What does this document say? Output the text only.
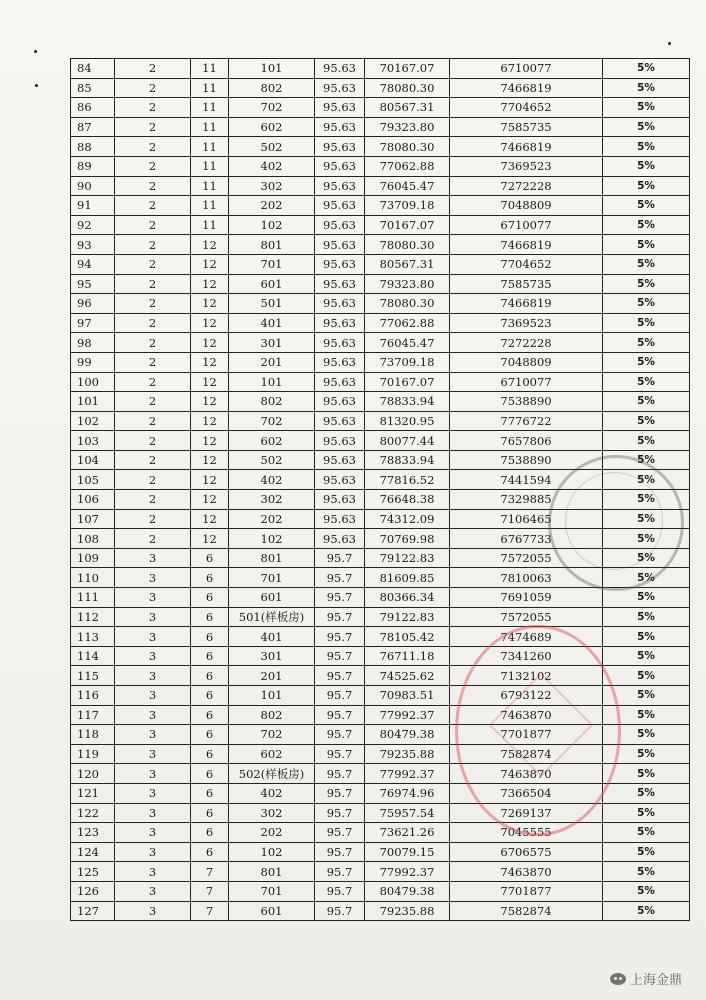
84	2	11	101	95.63	70167.07	6710077	5%
85	2	11	802	95.63	78080.30	7466819	5%
86	2	11	702	95.63	80567.31	7704652	5%
87	2	11	602	95.63	79323.80	7585735	5%
88	2	11	502	95.63	78080.30	7466819	5%
89	2	11	402	95.63	77062.88	7369523	5%
90	2	11	302	95.63	76045.47	7272228	5%
91	2	11	202	95.63	73709.18	7048809	5%
92	2	11	102	95.63	70167.07	6710077	5%
93	2	12	801	95.63	78080.30	7466819	5%
94	2	12	701	95.63	80567.31	7704652	5%
95	2	12	601	95.63	79323.80	7585735	5%
96	2	12	501	95.63	78080.30	7466819	5%
97	2	12	401	95.63	77062.88	7369523	5%
98	2	12	301	95.63	76045.47	7272228	5%
99	2	12	201	95.63	73709.18	7048809	5%
100	2	12	101	95.63	70167.07	6710077	5%
101	2	12	802	95.63	78833.94	7538890	5%
102	2	12	702	95.63	81320.95	7776722	5%
103	2	12	602	95.63	80077.44	7657806	5%
104	2	12	502	95.63	78833.94	7538890	5%
105	2	12	402	95.63	77816.52	7441594	5%
106	2	12	302	95.63	76648.38	7329885	5%
107	2	12	202	95.63	74312.09	7106465	5%
108	2	12	102	95.63	70769.98	6767733	5%
109	3	6	801	95.7	79122.83	7572055	5%
110	3	6	701	95.7	81609.85	7810063	5%
111	3	6	601	95.7	80366.34	7691059	5%
112	3	6	501(样板房)	95.7	79122.83	7572055	5%
113	3	6	401	95.7	78105.42	7474689	5%
114	3	6	301	95.7	76711.18	7341260	5%
115	3	6	201	95.7	74525.62	7132102	5%
116	3	6	101	95.7	70983.51	6793122	5%
117	3	6	802	95.7	77992.37	7463870	5%
118	3	6	702	95.7	80479.38	7701877	5%
119	3	6	602	95.7	79235.88	7582874	5%
120	3	6	502(样板房)	95.7	77992.37	7463870	5%
121	3	6	402	95.7	76974.96	7366504	5%
122	3	6	302	95.7	75957.54	7269137	5%
123	3	6	202	95.7	73621.26	7045555	5%
124	3	6	102	95.7	70079.15	6706575	5%
125	3	7	801	95.7	77992.37	7463870	5%
126	3	7	701	95.7	80479.38	7701877	5%
127	3	7	601	95.7	79235.88	7582874	5%
上海金鼎
